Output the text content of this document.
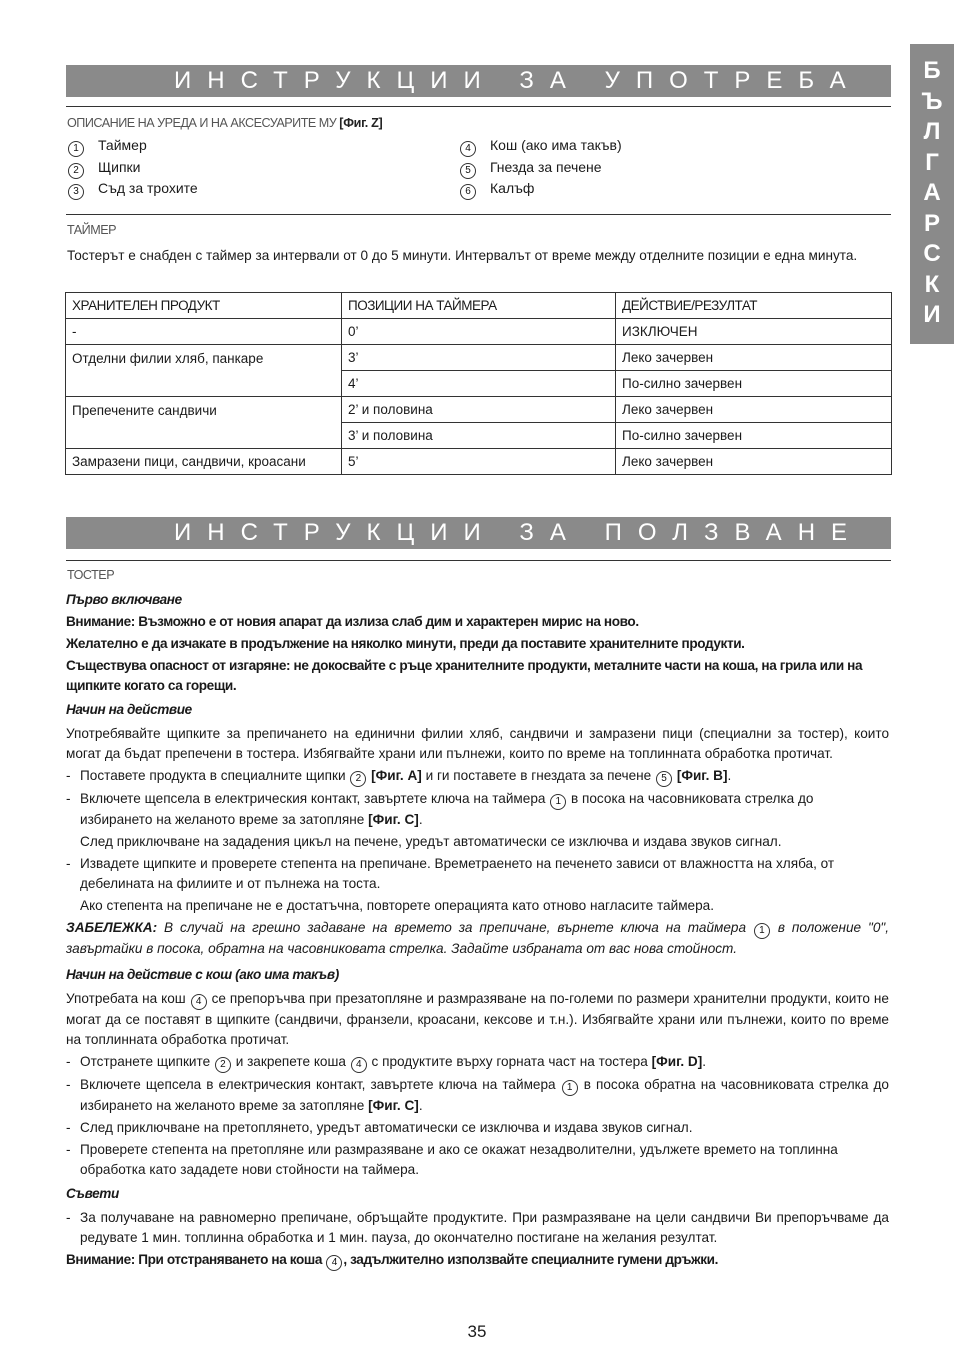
Б
Ъ
Л
Г
А
Р
С
К
И
ИНСТРУКЦИИ ЗА УПОТРЕБА
ОПИСАНИЕ НА УРЕДА И НА АКСЕСУАРИТЕ МУ [Фиг. Z]
1 Таймер
2 Щипки
3 Съд за трохите
4 Кош (ако има такъв)
5 Гнезда за печене
6 Калъф
ТАЙМЕР
Тостерът е снабден с таймер за интервали от 0 до 5 минути. Интервалът от време между отделните позиции е една минута.
ХРАНИТЕЛЕН ПРОДУКТ	ПОЗИЦИИ НА ТАЙМЕРА	ДЕЙСТВИЕ/РЕЗУЛТАТ
-	0’	ИЗКЛЮЧЕН
Отделни филии хляб, панкаре	3’	Леко зачервен
	4’	По-силно зачервен
Препечените сандвичи	2’ и половина	Леко зачервен
	3’ и половина	По-силно зачервен
Замразени пици, сандвичи, кроасани	5’	Леко зачервен
ИНСТРУКЦИИ ЗА ПОЛЗВАНЕ
ТОСТЕР

Първо включване

Внимание: Възможно е от новия апарат да излиза слаб дим и характерен мирис на ново.

Желателно е да изчакате в продължение на няколко минути, преди да поставите хранителните продукти.

Съществува опасност от изгаряне: не докосвайте с ръце хранителните продукти, металните части на коша, на грила или на щипките когато са горещи.

Начин на действие

Употребявайте щипките за препичането на единични филии хляб, сандвичи и замразени пици (специални за тостер), които могат да бъдат препечени в тостера. Избягвайте храни или пълнежи, които по време на топлинната обработка протичат.

- Поставете продукта в специалните щипки 2 [Фиг. A] и ги поставете в гнездата за печене 5 [Фиг. B].

- Включете щепсела в електрическия контакт, завъртете ключа на таймера 1 в посока на часовниковата стрелка до избирането на желаното време за затопляне [Фиг. C].

След приключване на зададения цикъл на печене, уредът автоматически се изключва и издава звуков сигнал.

- Извадете щипките и проверете степента на препичане. Времетраенето на печенето зависи от влажността на хляба, от дебелината на филиите и от пълнежа на тоста.

Ако степента на препичане не е достатъчна, повторете операцията като отново нагласите таймера.

ЗАБЕЛЕЖКА: В случай на грешно задаване на времето за препичане, върнете ключа на таймера 1 в положение "0", завъртайки в посока, обратна на часовниковата стрелка. Задайте избраната от вас нова стойност.

Начин на действие с кош (ако има такъв)

Употребата на кош 4 се препоръчва при презатопляне и размразяване на по-големи по размери хранителни продукти, които не могат да се поставят в щипките (сандвичи, франзели, кроасани, кексове и т.н.). Избягвайте храни или пълнежи, които по време на топлинната обработка протичат.

- Отстранете щипките 2 и закрепете коша 4 с продуктите върху горната част на тостера [Фиг. D].

- Включете щепсела в електрическия контакт, завъртете ключа на таймера 1 в посока обратна на часовниковата стрелка до избирането на желаното време за затопляне [Фиг. C].

- След приключване на претоплянето, уредът автоматически се изключва и издава звуков сигнал.

- Проверете степента на претопляне или размразяване и ако се окажат незадволителни, удължете времето на топлинна обработка като зададете нови стойности на таймера.

Съвети

- За получаване на равномерно препичане, обръщайте продуктите. При размразяване на цели сандвичи Ви препоръчваме да редувате 1 мин. топлинна обработка и 1 мин. пауза, до окончателно постигане на желания резултат.

Внимание: При отстраняването на коша 4 , задължително използвайте специалните гумени дръжки.

35
